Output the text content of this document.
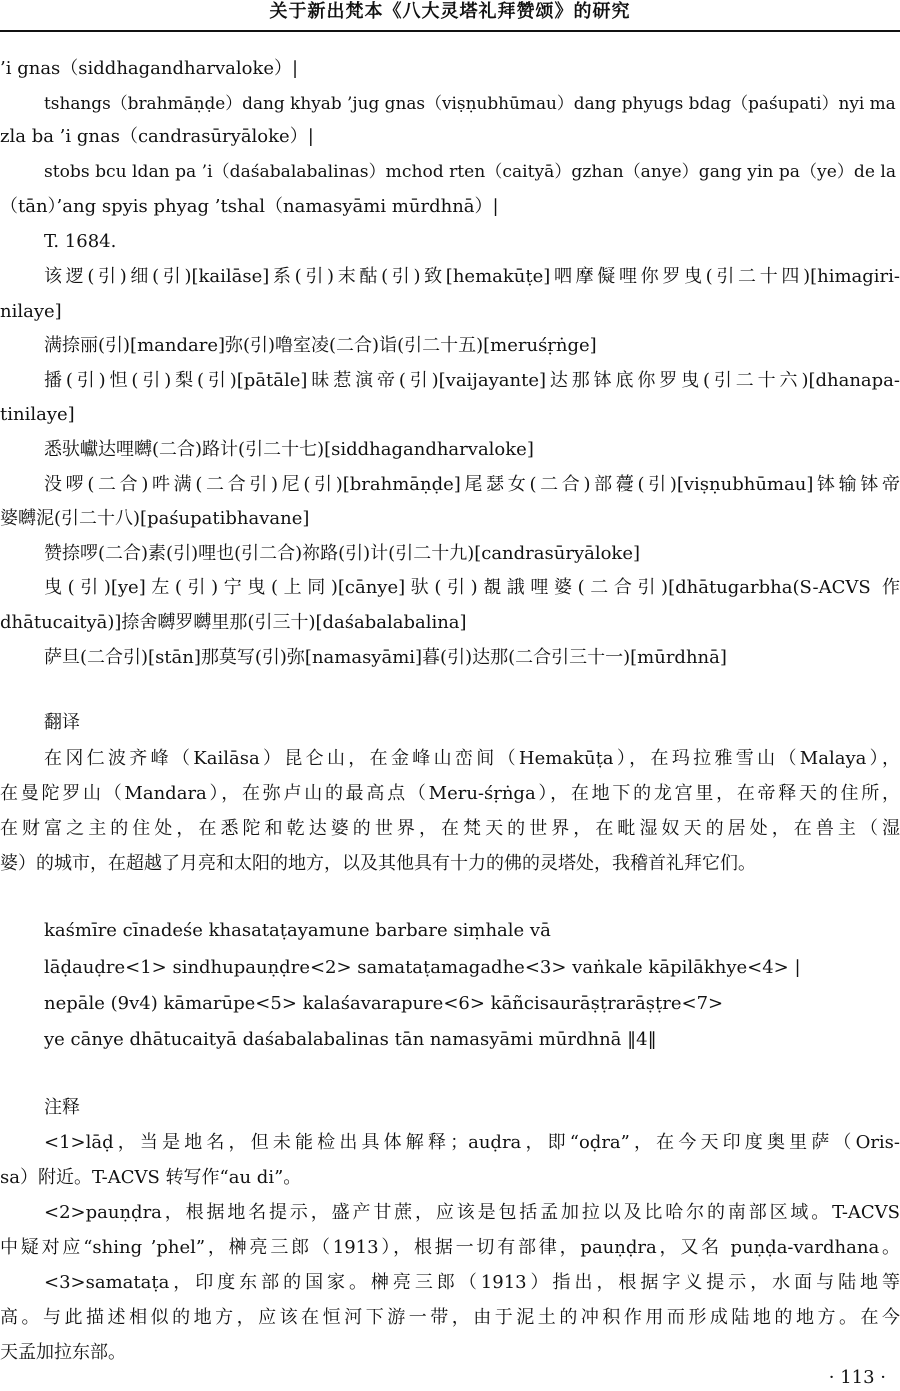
关于新出梵本《八大灵塔礼拜赞颂》的研究
’i gnas（siddhagandharvaloke）|
tshangs（brahmāṇḍe）dang khyab ’jug gnas（viṣṇubhūmau）dang phyugs bdag（paśupati）nyi ma
zla ba ’i gnas（candrasūryāloke）|
stobs bcu ldan pa ’i（daśabalabalinas）mchod rten（caityā）gzhan（anye）gang yin pa（ye）de la
（tān）’ang spyis phyag ’tshal（namasyāmi mūrdhnā）|
T. 1684.
该逻(引)细(引)[kailāse]系(引)末酤(引)致[hemakūṭe]呬摩儗哩你罗曳(引二十四)[himagiri-
nilaye]
满捺丽(引)[mandare]弥(引)噜室凌(二合)诣(引二十五)[meruśṛṅge]
播(引)怛(引)梨(引)[pātāle]昧惹演帝(引)[vaijayante]达那钵底你罗曳(引二十六)[dhanapa-
tinilaye]
悉驮巘达哩嚩(二合)路计(引二十七)[siddhagandharvaloke]
没啰(二合)吽满(二合引)尼(引)[brahmāṇḍe]尾瑟女(二合)部蘉(引)[viṣṇubhūmau]钵输钵帝
婆嚩泥(引二十八)[paśupatibhavane]
赞捺啰(二合)素(引)哩也(引二合)祢路(引)计(引二十九)[candrasūryāloke]
曳(引)[ye]左(引)宁曳(上同)[cānye]驮(引)覩誐哩婆(二合引)[dhātugarbha(S-ACVS 作
dhātucaityā)]捺舍嚩罗嚩里那(引三十)[daśabalabalina]
萨旦(二合引)[stān]那莫写(引)弥[namasyāmi]暮(引)达那(二合引三十一)[mūrdhnā]
翻译
在冈仁波齐峰（Kailāsa）昆仑山，在金峰山峦间（Hemakūṭa），在玛拉雅雪山（Malaya），
在曼陀罗山（Mandara），在弥卢山的最高点（Meru-śṛṅga），在地下的龙宫里，在帝释天的住所，
在财富之主的住处，在悉陀和乾达婆的世界，在梵天的世界，在毗湿奴天的居处，在兽主（湿
婆）的城市，在超越了月亮和太阳的地方，以及其他具有十力的佛的灵塔处，我稽首礼拜它们。
kaśmīre cīnadeśe khasataṭayamune barbare siṃhale vā
lāḍauḍre<1> sindhupauṇḍre<2> samataṭamagadhe<3> vaṅkale kāpilākhye<4> |
nepāle (9v4) kāmarūpe<5> kalaśavarapure<6> kāñcisaurāṣṭrarāṣṭre<7>
ye cānye dhātucaityā daśabalabalinas tān namasyāmi mūrdhnā ‖4‖
注释
<1>lāḍ，当是地名，但未能检出具体解释；auḍra，即“oḍra”，在今天印度奥里萨（Oris-
sa）附近。T-ACVS 转写作“au di”。
<2>pauṇḍra，根据地名提示，盛产甘蔗，应该是包括孟加拉以及比哈尔的南部区域。T-ACVS
中疑对应“shing ’phel”，榊亮三郎（1913），根据一切有部律，pauṇḍra，又名 puṇḍa-vardhana。
<3>samataṭa，印度东部的国家。榊亮三郎（1913）指出，根据字义提示，水面与陆地等
高。与此描述相似的地方，应该在恒河下游一带，由于泥土的冲积作用而形成陆地的地方。在今
天孟加拉东部。
· 113 ·
